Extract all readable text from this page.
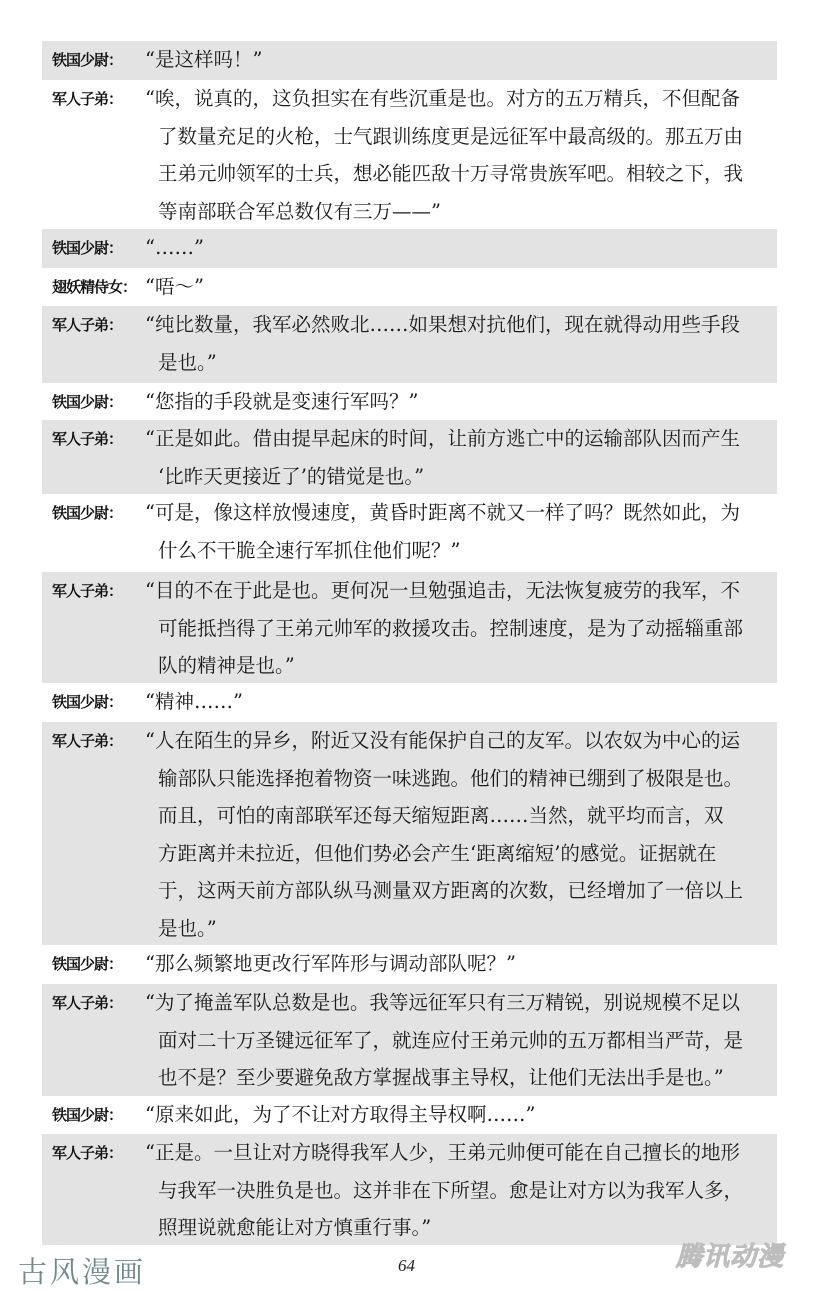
铁国少尉：	“是这样吗！”
军人子弟：	“唉，说真的，这负担实在有些沉重是也。对方的五万精兵，不但配备
了数量充足的火枪，士气跟训练度更是远征军中最高级的。那五万由
王弟元帅领军的士兵，想必能匹敌十万寻常贵族军吧。相较之下，我
等南部联合军总数仅有三万——”
铁国少尉：	“……”
翅妖精侍女： “唔～”
军人子弟：	“纯比数量，我军必然败北……如果想对抗他们，现在就得动用些手段
是也。”
铁国少尉：	“您指的手段就是变速行军吗？”
军人子弟：	“正是如此。借由提早起床的时间，让前方逃亡中的运输部队因而产生
‘比昨天更接近了’的错觉是也。”
铁国少尉：	“可是，像这样放慢速度，黄昏时距离不就又一样了吗？既然如此，为
什么不干脆全速行军抓住他们呢？”
军人子弟：	“目的不在于此是也。更何况一旦勉强追击，无法恢复疲劳的我军，不
可能抵挡得了王弟元帅军的救援攻击。控制速度，是为了动摇辎重部
队的精神是也。”
铁国少尉：	“精神……”
军人子弟：	“人在陌生的异乡，附近又没有能保护自己的友军。以农奴为中心的运
输部队只能选择抱着物资一味逃跑。他们的精神已绷到了极限是也。
而且，可怕的南部联军还每天缩短距离……当然，就平均而言，双
方距离并未拉近，但他们势必会产生‘距离缩短’的感觉。证据就在
于，这两天前方部队纵马测量双方距离的次数，已经增加了一倍以上
是也。”
铁国少尉：	“那么频繁地更改行军阵形与调动部队呢？”
军人子弟：	“为了掩盖军队总数是也。我等远征军只有三万精锐，别说规模不足以
面对二十万圣键远征军了，就连应付王弟元帅的五万都相当严苛，是
也不是？至少要避免敌方掌握战事主导权，让他们无法出手是也。”
铁国少尉：	“原来如此，为了不让对方取得主导权啊……”
军人子弟：	“正是。一旦让对方晓得我军人少，王弟元帅便可能在自己擅长的地形
与我军一决胜负是也。这并非在下所望。愈是让对方以为我军人多，
照理说就愈能让对方慎重行事。”
古风漫画	64	腾讯动漫
